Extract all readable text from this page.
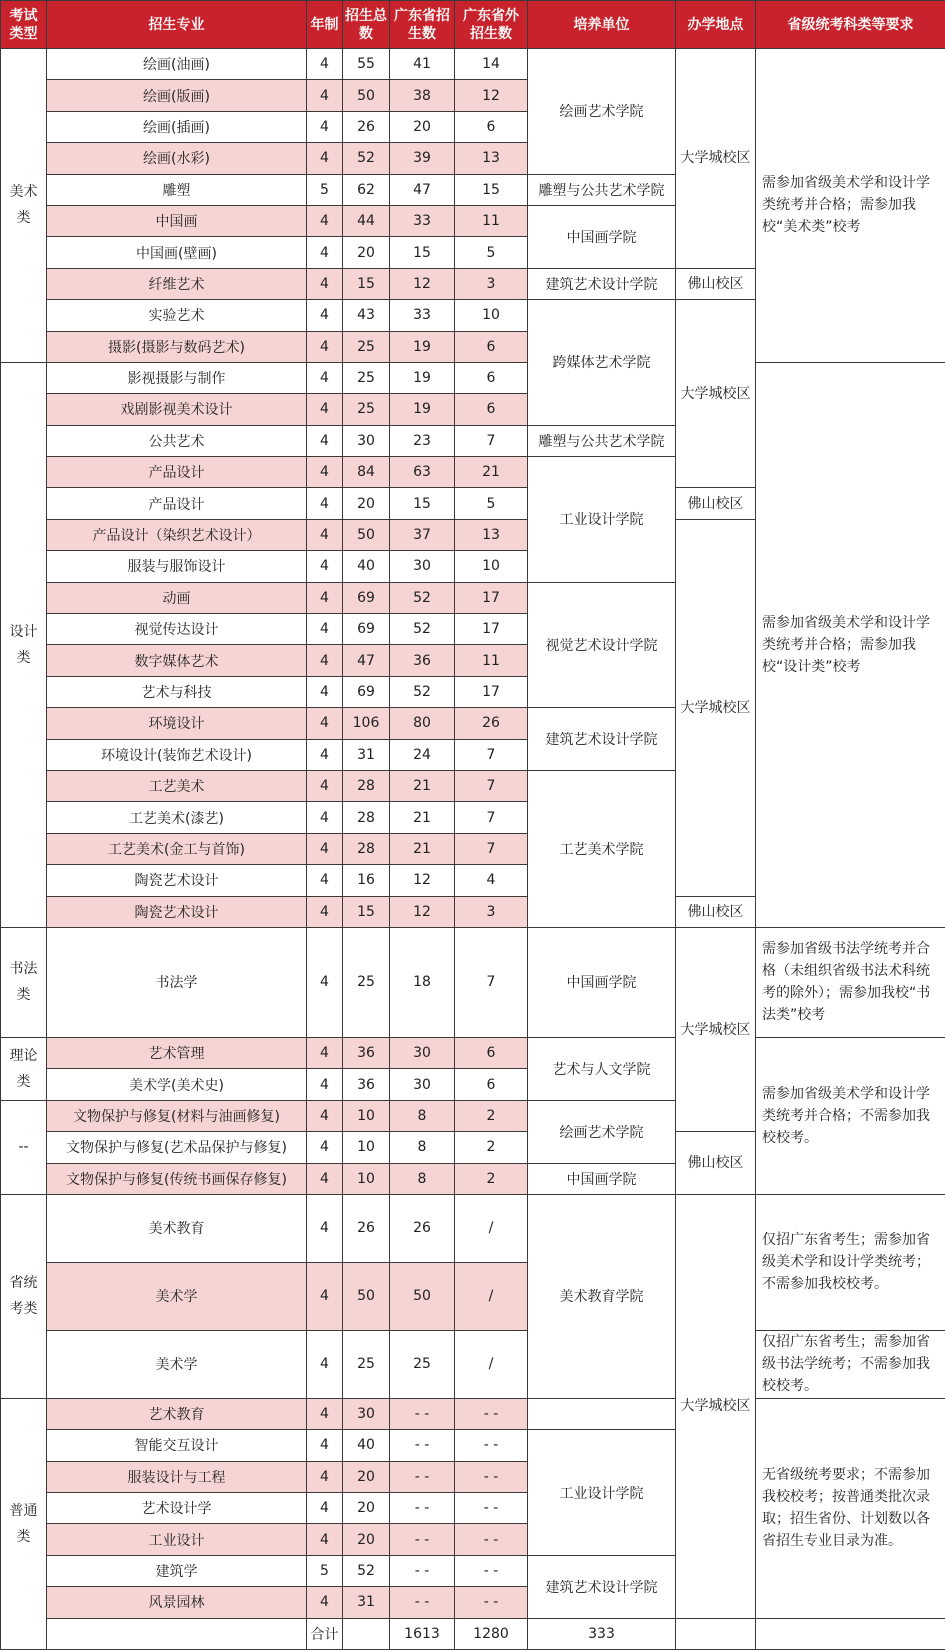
考试类型	招生专业	年制	招生总数	广东省招生数	广东省外招生数	培养单位	办学地点	省级统考科类等要求	
美术类	绘画(油画)	4	55	41	14	绘画艺术学院	大学城校区	需参加省级美术学和设计学类统考并合格；需参加我校“美术类”校考	
	绘画(版画)	4	50	38	12				
	绘画(插画)	4	26	20	6				
	绘画(水彩)	4	52	39	13				
	雕塑	5	62	47	15	雕塑与公共艺术学院			
	中国画	4	44	33	11	中国画学院			
	中国画(壁画)	4	20	15	5				
	纤维艺术	4	15	12	3	建筑艺术设计学院	佛山校区		
	实验艺术	4	43	33	10	跨媒体艺术学院	大学城校区		
	摄影(摄影与数码艺术)	4	25	19	6				
设计类	影视摄影与制作	4	25	19	6			需参加省级美术学和设计学类统考并合格；需参加我校“设计类”校考	
	戏剧影视美术设计	4	25	19	6				
	公共艺术	4	30	23	7	雕塑与公共艺术学院			
	产品设计	4	84	63	21	工业设计学院			
	产品设计	4	20	15	5		佛山校区		
	产品设计（染织艺术设计）	4	50	37	13		大学城校区		
	服装与服饰设计	4	40	30	10				
	动画	4	69	52	17	视觉艺术设计学院			
	视觉传达设计	4	69	52	17				
	数字媒体艺术	4	47	36	11				
	艺术与科技	4	69	52	17				
	环境设计	4	106	80	26	建筑艺术设计学院			
	环境设计(装饰艺术设计)	4	31	24	7				
	工艺美术	4	28	21	7	工艺美术学院			
	工艺美术(漆艺)	4	28	21	7				
	工艺美术(金工与首饰)	4	28	21	7				
	陶瓷艺术设计	4	16	12	4				
	陶瓷艺术设计	4	15	12	3		佛山校区		
书法类	书法学	4	25	18	7	中国画学院	大学城校区	需参加省级书法学统考并合格（未组织省级书法术科统考的除外）；需参加我校“书法类”校考	
理论类	艺术管理	4	36	30	6	艺术与人文学院		需参加省级美术学和设计学类统考并合格；不需参加我校校考。	
	美术学(美术史)	4	36	30	6				
--	文物保护与修复(材料与油画修复)	4	10	8	2	绘画艺术学院			
	文物保护与修复(艺术品保护与修复)	4	10	8	2		佛山校区		
	文物保护与修复(传统书画保存修复)	4	10	8	2	中国画学院			
省统考类	美术教育	4	26	26	/	美术教育学院	大学城校区	仅招广东省考生；需参加省级美术学和设计学类统考；不需参加我校校考。	
	美术学	4	50	50	/				
	美术学	4	25	25	/			仅招广东省考生；需参加省级书法学统考；不需参加我校校考。	
普通类	艺术教育	4	30	- -	- -			无省级统考要求；不需参加我校校考；按普通类批次录取；招生省份、计划数以各省招生专业目录为准。	
	智能交互设计	4	40	- -	- -	工业设计学院			
	服装设计与工程	4	20	- -	- -				
	艺术设计学	4	20	- -	- -				
	工业设计	4	20	- -	- -				
	建筑学	5	52	- -	- -	建筑艺术设计学院			
	风景园林	4	31	- -	- -				
		合计		1613	1280	333			
